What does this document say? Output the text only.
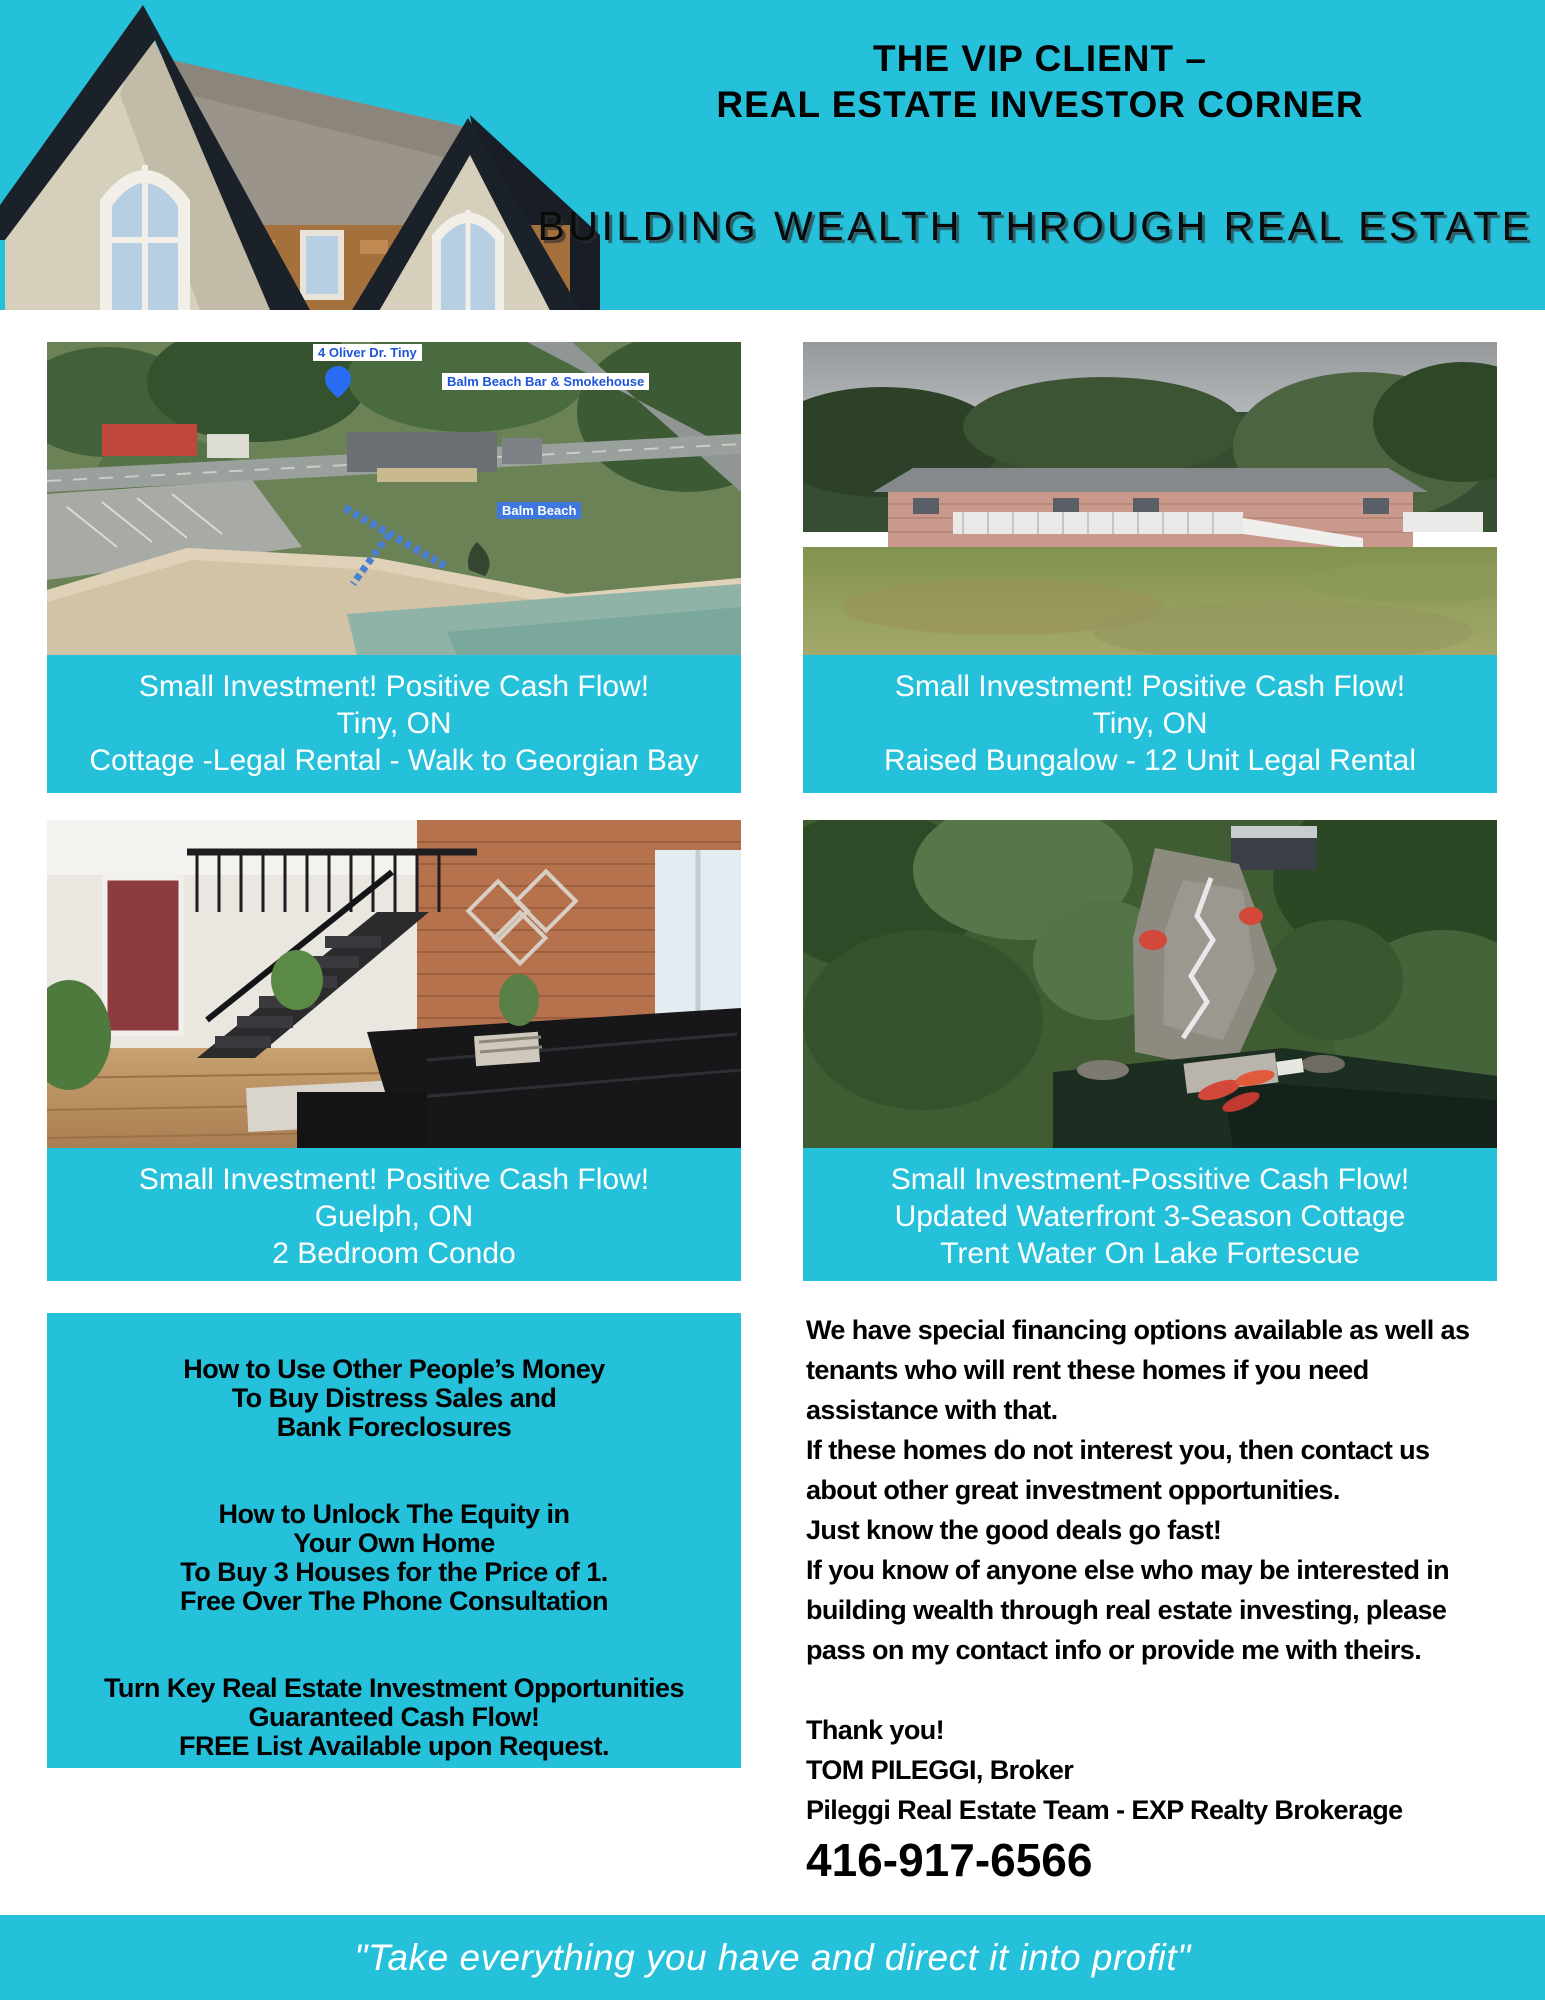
THE VIP CLIENT –
REAL ESTATE INVESTOR CORNER
BUILDING WEALTH THROUGH REAL ESTATE
4 Oliver Dr. Tiny
Balm Beach Bar & Smokehouse
Balm Beach
Small Investment! Positive Cash Flow!
Tiny, ON
Cottage -Legal Rental - Walk to Georgian Bay
Small Investment! Positive Cash Flow!
Tiny, ON
Raised Bungalow - 12 Unit Legal Rental
Small Investment! Positive Cash Flow!
Guelph, ON
2 Bedroom Condo
Small Investment-Possitive Cash Flow!
Updated Waterfront 3-Season Cottage
Trent Water On Lake Fortescue
How to Use Other People’s Money
To Buy Distress Sales and
Bank Foreclosures
How to Unlock The Equity in
Your Own Home
To Buy 3 Houses for the Price of 1.
Free Over The Phone Consultation
Turn Key Real Estate Investment Opportunities
Guaranteed Cash Flow!
FREE List Available upon Request.
We have special financing options available as well as
tenants who will rent these homes if you need
assistance with that.
If these homes do not interest you, then contact us
about other great investment opportunities.
Just know the good deals go fast!
If you know of anyone else who may be interested in
building wealth through real estate investing, please
pass on my contact info or provide me with theirs.
Thank you!
TOM PILEGGI, Broker
Pileggi Real Estate Team - EXP Realty Brokerage
416-917-6566
"Take everything you have and direct it into profit"
